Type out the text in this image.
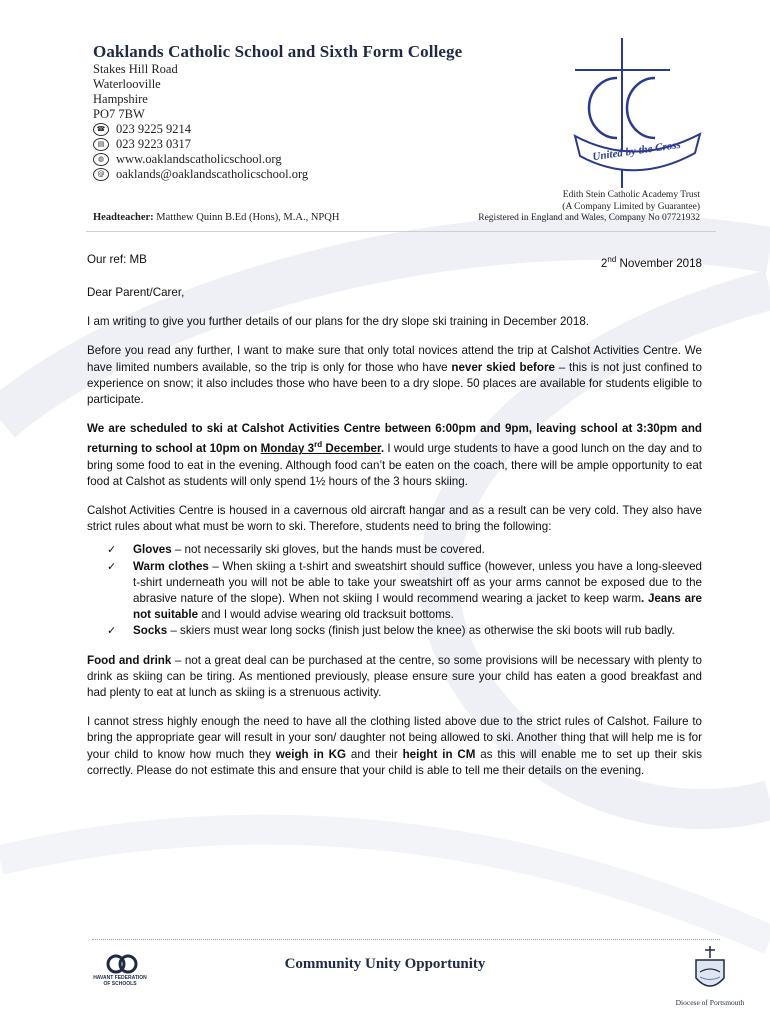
Oaklands Catholic School and Sixth Form College
Stakes Hill Road
Waterlooville
Hampshire
PO7 7BW
☎ 023 9225 9214
▤ 023 9223 0317
◍ www.oaklandscatholicschool.org
@ oaklands@oaklandscatholicschool.org
United by the Cross
Edith Stein Catholic Academy Trust
(A Company Limited by Guarantee)
Registered in England and Wales, Company No 07721932
Headteacher: Matthew Quinn B.Ed (Hons), M.A., NPQH
Our ref: MB	2nd November 2018

Dear Parent/Carer,

I am writing to give you further details of our plans for the dry slope ski training in December 2018.

Before you read any further, I want to make sure that only total novices attend the trip at Calshot Activities Centre. We have limited numbers available, so the trip is only for those who have never skied before – this is not just confined to experience on snow; it also includes those who have been to a dry slope. 50 places are available for students eligible to participate.

We are scheduled to ski at Calshot Activities Centre between 6:00pm and 9pm, leaving school at 3:30pm and returning to school at 10pm on Monday 3rd December. I would urge students to have a good lunch on the day and to bring some food to eat in the evening. Although food can’t be eaten on the coach, there will be ample opportunity to eat food at Calshot as students will only spend 1½ hours of the 3 hours skiing.

Calshot Activities Centre is housed in a cavernous old aircraft hangar and as a result can be very cold. They also have strict rules about what must be worn to ski. Therefore, students need to bring the following:

✓ Gloves – not necessarily ski gloves, but the hands must be covered.
✓ Warm clothes – When skiing a t-shirt and sweatshirt should suffice (however, unless you have a long-sleeved t-shirt underneath you will not be able to take your sweatshirt off as your arms cannot be exposed due to the abrasive nature of the slope). When not skiing I would recommend wearing a jacket to keep warm. Jeans are not suitable and I would advise wearing old tracksuit bottoms.
✓ Socks – skiers must wear long socks (finish just below the knee) as otherwise the ski boots will rub badly.

Food and drink – not a great deal can be purchased at the centre, so some provisions will be necessary with plenty to drink as skiing can be tiring. As mentioned previously, please ensure sure your child has eaten a good breakfast and had plenty to eat at lunch as skiing is a strenuous activity.

I cannot stress highly enough the need to have all the clothing listed above due to the strict rules of Calshot. Failure to bring the appropriate gear will result in your son/ daughter not being allowed to ski. Another thing that will help me is for your child to know how much they weigh in KG and their height in CM as this will enable me to set up their skis correctly. Please do not estimate this and ensure that your child is able to tell me their details on the evening.

HAVANT FEDERATION
OF SCHOOLS
Community Unity Opportunity
Diocese of Portsmouth
